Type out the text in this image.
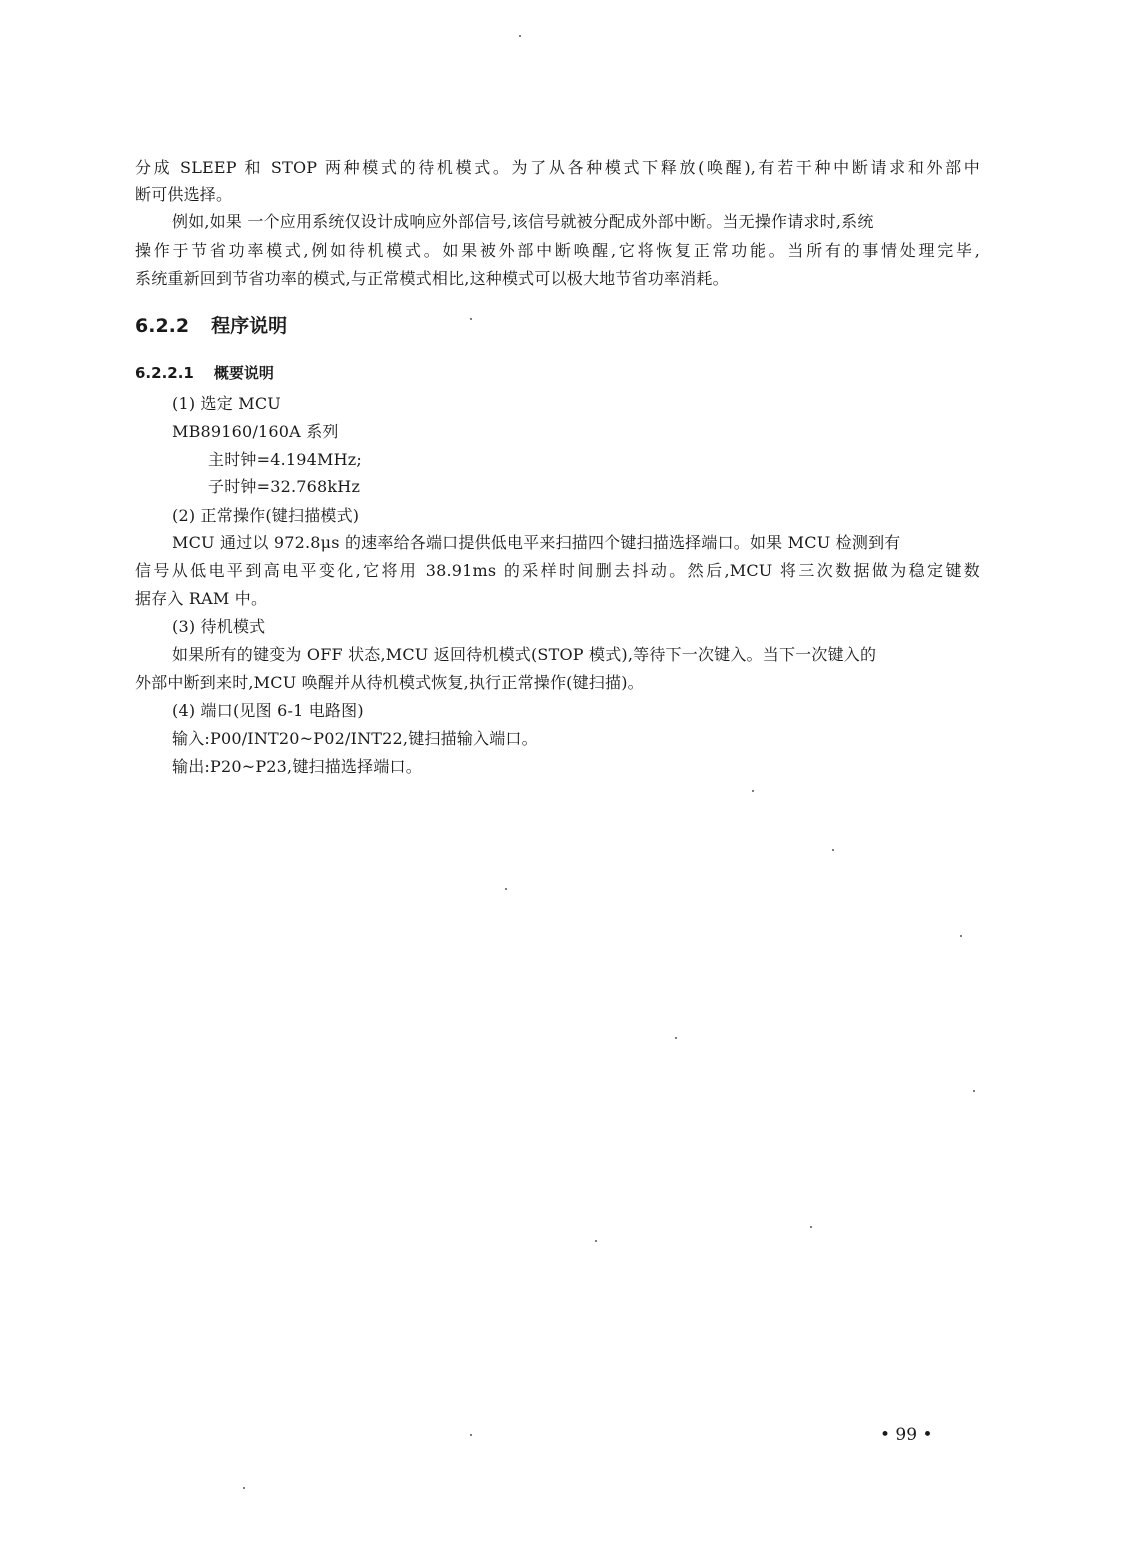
分成 SLEEP 和 STOP 两种模式的待机模式。为了从各种模式下释放(唤醒),有若干种中断请求和外部中
断可供选择。
例如,如果 一个应用系统仅设计成响应外部信号,该信号就被分配成外部中断。当无操作请求时,系统
操作于节省功率模式,例如待机模式。如果被外部中断唤醒,它将恢复正常功能。当所有的事情处理完毕,
系统重新回到节省功率的模式,与正常模式相比,这种模式可以极大地节省功率消耗。
6.2.2 程序说明
6.2.2.1 概要说明
(1) 选定 MCU
MB89160/160A 系列
主时钟=4.194MHz;
子时钟=32.768kHz
(2) 正常操作(键扫描模式)
MCU 通过以 972.8μs 的速率给各端口提供低电平来扫描四个键扫描选择端口。如果 MCU 检测到有
信号从低电平到高电平变化,它将用 38.91ms 的采样时间删去抖动。然后,MCU 将三次数据做为稳定键数
据存入 RAM 中。
(3) 待机模式
如果所有的键变为 OFF 状态,MCU 返回待机模式(STOP 模式),等待下一次键入。当下一次键入的
外部中断到来时,MCU 唤醒并从待机模式恢复,执行正常操作(键扫描)。
(4) 端口(见图 6-1 电路图)
输入:P00/INT20~P02/INT22,键扫描输入端口。
输出:P20~P23,键扫描选择端口。
• 99 •
